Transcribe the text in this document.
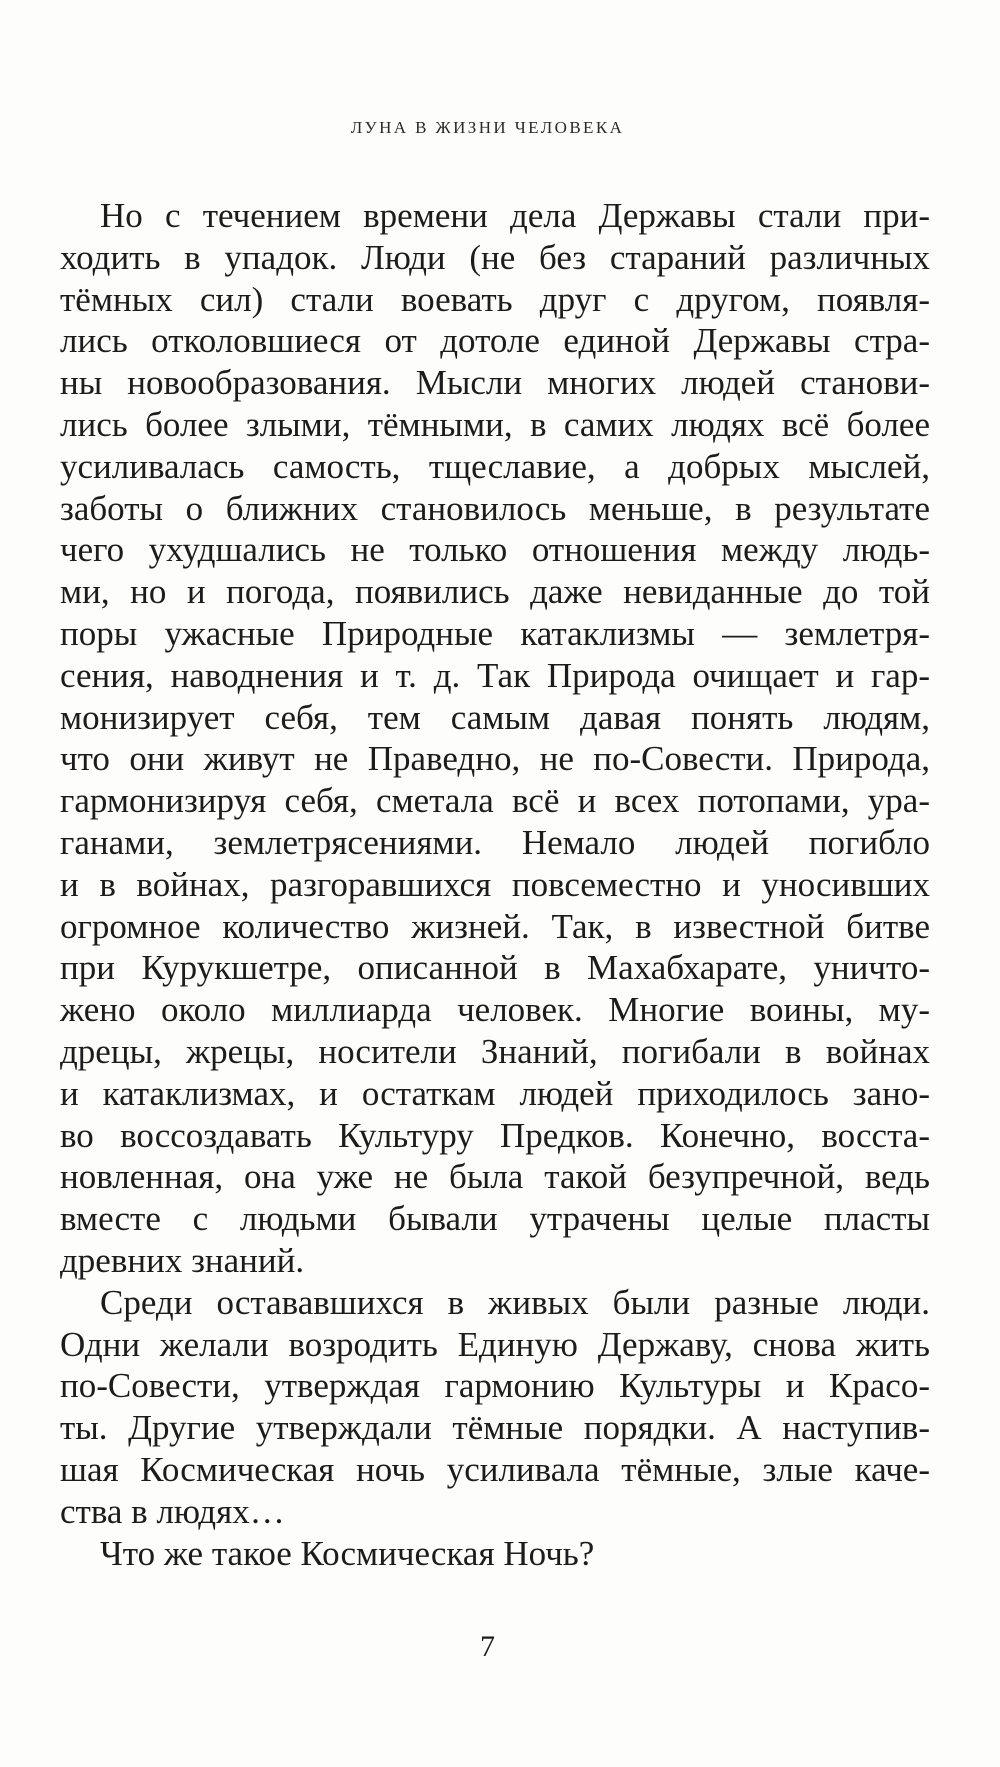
ЛУНА В ЖИЗНИ ЧЕЛОВЕКА
Но с течением времени дела Державы стали при-
ходить в упадок. Люди (не без стараний различных
тёмных сил) стали воевать друг с другом, появля-
лись отколовшиеся от дотоле единой Державы стра-
ны новообразования. Мысли многих людей станови-
лись более злыми, тёмными, в самих людях всё более
усиливалась самость, тщеславие, а добрых мыслей,
заботы о ближних становилось меньше, в результате
чего ухудшались не только отношения между людь-
ми, но и погода, появились даже невиданные до той
поры ужасные Природные катаклизмы — землетря-
сения, наводнения и т. д. Так Природа очищает и гар-
монизирует себя, тем самым давая понять людям,
что они живут не Праведно, не по-Совести. Природа,
гармонизируя себя, сметала всё и всех потопами, ура-
ганами, землетрясениями. Немало людей погибло
и в войнах, разгоравшихся повсеместно и уносивших
огромное количество жизней. Так, в известной битве
при Курукшетре, описанной в Махабхарате, уничто-
жено около миллиарда человек. Многие воины, му-
дрецы, жрецы, носители Знаний, погибали в войнах
и катаклизмах, и остаткам людей приходилось зано-
во воссоздавать Культуру Предков. Конечно, восста-
новленная, она уже не была такой безупречной, ведь
вместе с людьми бывали утрачены целые пласты
древних знаний.
Среди остававшихся в живых были разные люди.
Одни желали возродить Единую Державу, снова жить
по-Совести, утверждая гармонию Культуры и Красо-
ты. Другие утверждали тёмные порядки. А наступив-
шая Космическая ночь усиливала тёмные, злые каче-
ства в людях…
Что же такое Космическая Ночь?
7
